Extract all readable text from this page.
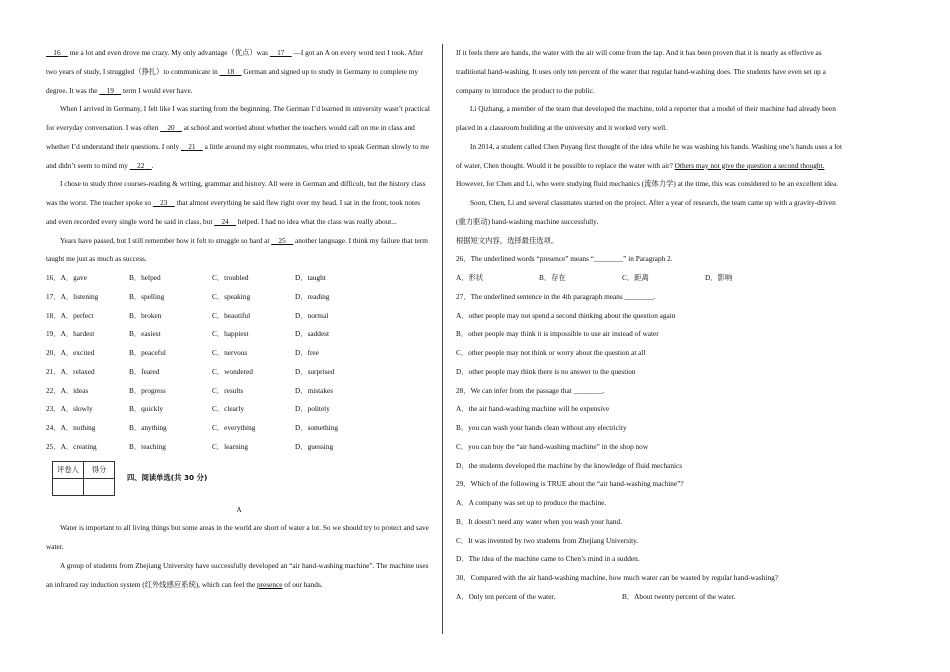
16     me a lot and even drove me crazy. My only advantage（优点）was     17     —I got an A on every word test I took. After two years of study, I struggled（挣扎）to communicate in     18     German and signed up to study in Germany to complete my degree. It was the     19     term I would ever have.

When I arrived in Germany, I felt like I was starting from the beginning. The German I’d learned in university wasn’t practical for everyday conversation. I was often     20     at school and worried about whether the teachers would call on me in class and whether I’d understand their questions. I only     21     a little around my eight roommates, who tried to speak German slowly to me and didn’t seem to mind my     22 .

I chose to study three courses-reading & writing, grammar and history. All were in German and difficult, but the history class was the worst. The teacher spoke so     23     that almost everything he said flew right over my head. I sat in the front, took notes and even recorded every single word he said in class, but     24     helped. I had no idea what the class was really about...

Years have passed, but I still remember how it felt to struggle so hard at     25     another language. I think my failure that term taught me just as much as success.

16．A．gave	B．helped	C．troubled	D．taught
17．A．listening	B．spelling	C．speaking	D．reading
18．A．perfect	B．broken	C．beautiful	D．normal
19．A．hardest	B．easiest	C．happiest	D．saddest
20．A．excited	B．peaceful	C．nervous	D．free
21．A．relaxed	B．feared	C．wondered	D．surprised
22．A．ideas	B．progress	C．results	D．mistakes
23．A．slowly	B．quickly	C．clearly	D．politely
24．A．nothing	B．anything	C．everything	D．something
25．A．creating	B．teaching	C．learning	D．guessing
评卷人	得分

四、阅读单选(共 30 分)

A

Water is important to all living things but some areas in the world are short of water a lot. So we should try to protect and save water.

A group of students from Zhejiang University have successfully developed an “air hand-washing machine”. The machine uses an infrared ray induction system (红外线感应系统), which can feel the presence of our hands.

If it feels there are hands, the water with the air will come from the tap. And it has been proven that it is nearly as effective as traditional hand-washing. It uses only ten percent of the water that regular hand-washing does. The students have even set up a company to introduce the product to the public.

Li Qizhang, a member of the team that developed the machine, told a reporter that a model of their machine had already been placed in a classroom building at the university and it worked very well.

In 2014, a student called Chen Puyang first thought of the idea while he was washing his hands. Washing one’s hands uses a lot of water, Chen thought. Would it be possible to replace the water with air? Others may not give the question a second thought. However, for Chen and Li, who were studying fluid mechanics (流体力学) at the time, this was considered to be an excellent idea.

Soon, Chen, Li and several classmates started on the project. After a year of research, the team came up with a gravity-driven (重力驱动) hand-washing machine successfully.

根据短文内容，选择最佳选项。

26．The underlined words “presence” means “________” in Paragraph 2.

A．形状	B．存在	C．距离	D．影响

27．The underlined sentence in the 4th paragraph means ________.

A．other people may not spend a second thinking about the question again

B．other people may think it is impossible to use air instead of water

C．other people may not think or worry about the question at all

D．other people may think there is no answer to the question

28．We can infer from the passage that ________.

A．the air hand-washing machine will be expensive

B．you can wash your hands clean without any electricity

C．you can buy the “air hand-washing machine” in the shop now

D．the students developed the machine by the knowledge of fluid mechanics

29．Which of the following is TRUE about the “air hand-washing machine”?

A．A company was set up to produce the machine.

B．It doesn’t need any water when you wash your hand.

C．It was invented by two students from Zhejiang University.

D．The idea of the machine came to Chen’s mind in a sudden.

30．Compared with the air hand-washing machine, how much water can be wasted by regular hand-washing?

A．Only ten percent of the water.	B．About twenty percent of the water.
